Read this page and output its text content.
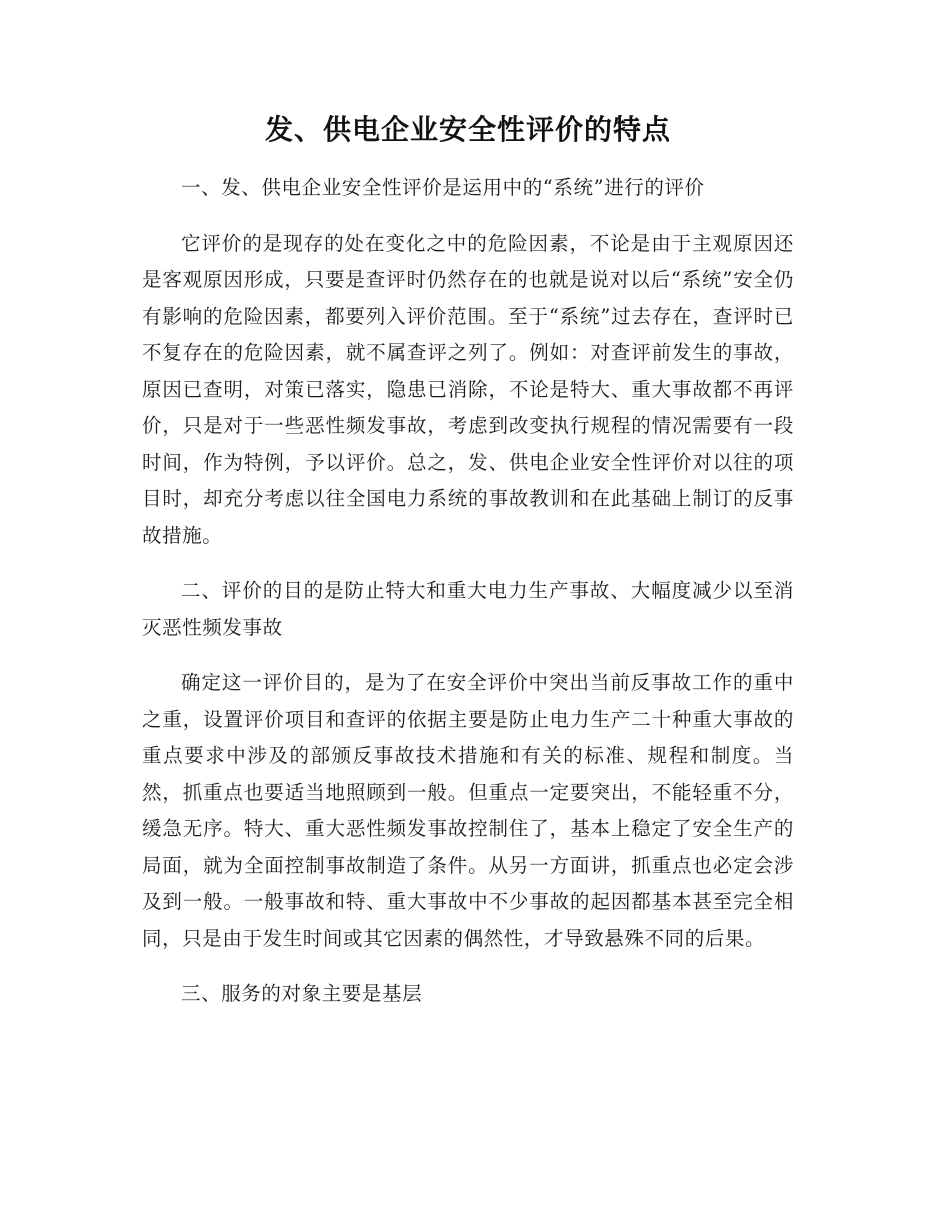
发、供电企业安全性评价的特点

一、发、供电企业安全性评价是运用中的“系统”进行的评价

它评价的是现存的处在变化之中的危险因素，不论是由于主观原因还是客观原因形成，只要是查评时仍然存在的也就是说对以后“系统”安全仍有影响的危险因素，都要列入评价范围。至于“系统”过去存在，查评时已不复存在的危险因素，就不属查评之列了。例如：对查评前发生的事故，原因已查明，对策已落实，隐患已消除，不论是特大、重大事故都不再评价，只是对于一些恶性频发事故，考虑到改变执行规程的情况需要有一段时间，作为特例，予以评价。总之，发、供电企业安全性评价对以往的项目时，却充分考虑以往全国电力系统的事故教训和在此基础上制订的反事故措施。

二、评价的目的是防止特大和重大电力生产事故、大幅度减少以至消灭恶性频发事故

确定这一评价目的，是为了在安全评价中突出当前反事故工作的重中之重，设置评价项目和查评的依据主要是防止电力生产二十种重大事故的重点要求中涉及的部颁反事故技术措施和有关的标准、规程和制度。当然，抓重点也要适当地照顾到一般。但重点一定要突出，不能轻重不分，缓急无序。特大、重大恶性频发事故控制住了，基本上稳定了安全生产的局面，就为全面控制事故制造了条件。从另一方面讲，抓重点也必定会涉及到一般。一般事故和特、重大事故中不少事故的起因都基本甚至完全相同，只是由于发生时间或其它因素的偶然性，才导致悬殊不同的后果。

三、服务的对象主要是基层
